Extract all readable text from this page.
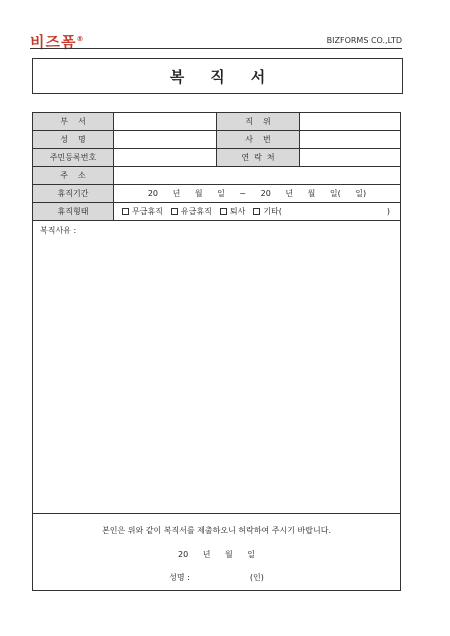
비즈폼®	BIZFORMS CO.,LTD
복직서
부서	직위
성명	사번
주민등록번호	연락처
주소
휴직기간	20 년 월 일 ~ 20 년 월 일( 일)
휴직형태	무급휴직	유급휴직	퇴사	기타(	)
복직사유 :
본인은 위와 같이 복직서를 제출하오니 허락하여 주시기 바랍니다.
20 년 월 일
성명 :	(인)
